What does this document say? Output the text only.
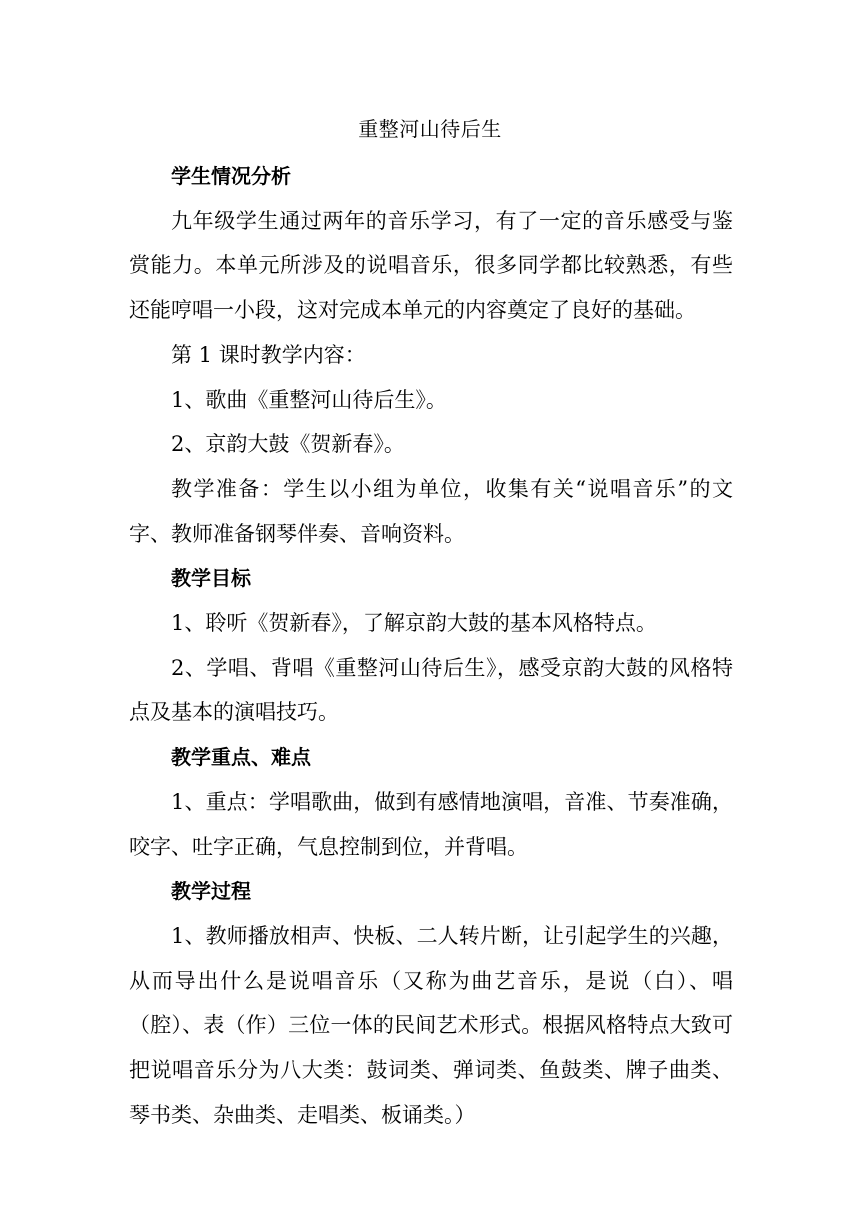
重整河山待后生

学生情况分析

九年级学生通过两年的音乐学习，有了一定的音乐感受与鉴赏能力。本单元所涉及的说唱音乐，很多同学都比较熟悉，有些还能哼唱一小段，这对完成本单元的内容奠定了良好的基础。

第 1 课时教学内容：

1、歌曲《重整河山待后生》。

2、京韵大鼓《贺新春》。

教学准备：学生以小组为单位，收集有关“说唱音乐”的文字、教师准备钢琴伴奏、音响资料。

教学目标

1、聆听《贺新春》，了解京韵大鼓的基本风格特点。

2、学唱、背唱《重整河山待后生》，感受京韵大鼓的风格特点及基本的演唱技巧。

教学重点、难点

1、重点：学唱歌曲，做到有感情地演唱，音准、节奏准确，咬字、吐字正确，气息控制到位，并背唱。

教学过程

1、教师播放相声、快板、二人转片断，让引起学生的兴趣，从而导出什么是说唱音乐（又称为曲艺音乐，是说（白）、唱（腔）、表（作）三位一体的民间艺术形式。根据风格特点大致可把说唱音乐分为八大类：鼓词类、弹词类、鱼鼓类、牌子曲类、琴书类、杂曲类、走唱类、板诵类。）
